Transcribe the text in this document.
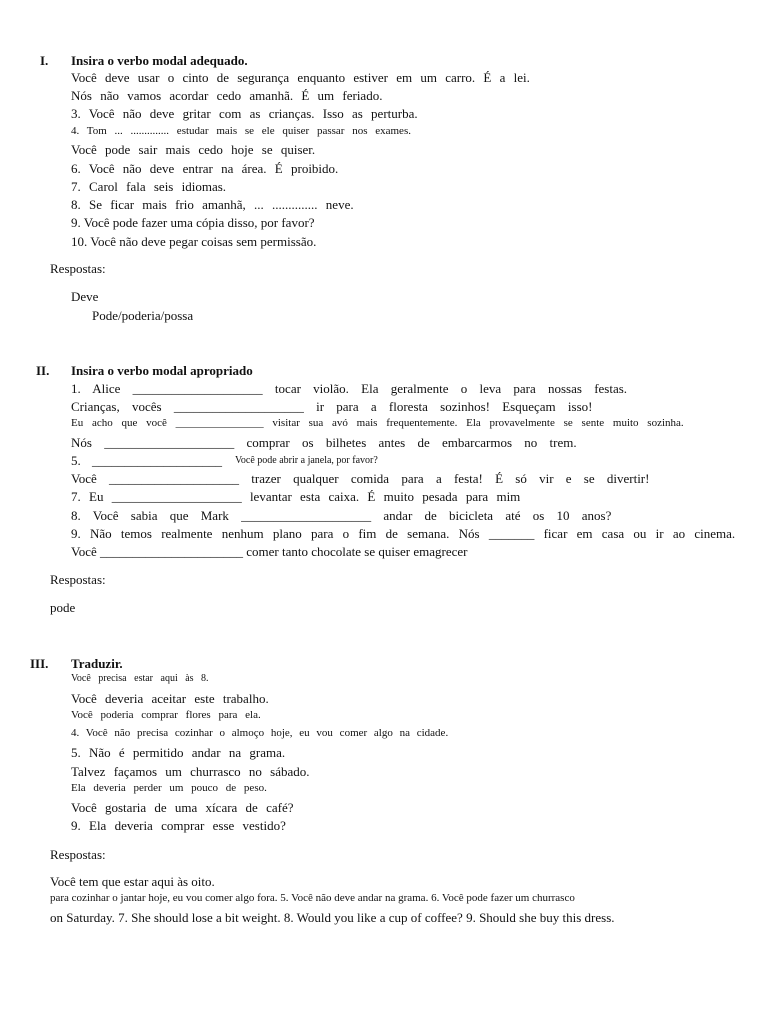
I. Insira o verbo modal adequado.
Você deve usar o cinto de segurança enquanto estiver em um carro. É a lei.
Nós não vamos acordar cedo amanhã. É um feriado.
3. Você não deve gritar com as crianças. Isso as perturba.
4. Tom ... .............. estudar mais se ele quiser passar nos exames.
Você pode sair mais cedo hoje se quiser.
6. Você não deve entrar na área. É proibido.
7. Carol fala seis idiomas.
8. Se ficar mais frio amanhã, ... .............. neve.
9. Você pode fazer uma cópia disso, por favor?
10. Você não deve pegar coisas sem permissão.
Respostas:
Deve
Pode/poderia/possa
II. Insira o verbo modal apropriado
1. Alice ____________________ tocar violão. Ela geralmente o leva para nossas festas.
Crianças, vocês ____________________ ir para a floresta sozinhos! Esqueçam isso!
Eu acho que você ________________ visitar sua avó mais frequentemente. Ela provavelmente se sente muito sozinha.
Nós ____________________ comprar os bilhetes antes de embarcarmos no trem.
5. ____________________ Você pode abrir a janela, por favor?
Você ____________________ trazer qualquer comida para a festa! É só vir e se divertir!
7. Eu ____________________ levantar esta caixa. É muito pesada para mim
8. Você sabia que Mark ____________________ andar de bicicleta até os 10 anos?
9. Não temos realmente nenhum plano para o fim de semana. Nós _______ ficar em casa ou ir ao cinema.
Você ______________________ comer tanto chocolate se quiser emagrecer
Respostas:
pode
III. Traduzir.
Você precisa estar aqui às 8.
Você deveria aceitar este trabalho.
Você poderia comprar flores para ela.
4. Você não precisa cozinhar o almoço hoje, eu vou comer algo na cidade.
5. Não é permitido andar na grama.
Talvez façamos um churrasco no sábado.
Ela deveria perder um pouco de peso.
Você gostaria de uma xícara de café?
9. Ela deveria comprar esse vestido?
Respostas:
Você tem que estar aqui às oito.
para cozinhar o jantar hoje, eu vou comer algo fora. 5. Você não deve andar na grama. 6. Você pode fazer um churrasco
on Saturday. 7. She should lose a bit weight. 8. Would you like a cup of coffee? 9. Should she buy this dress.
